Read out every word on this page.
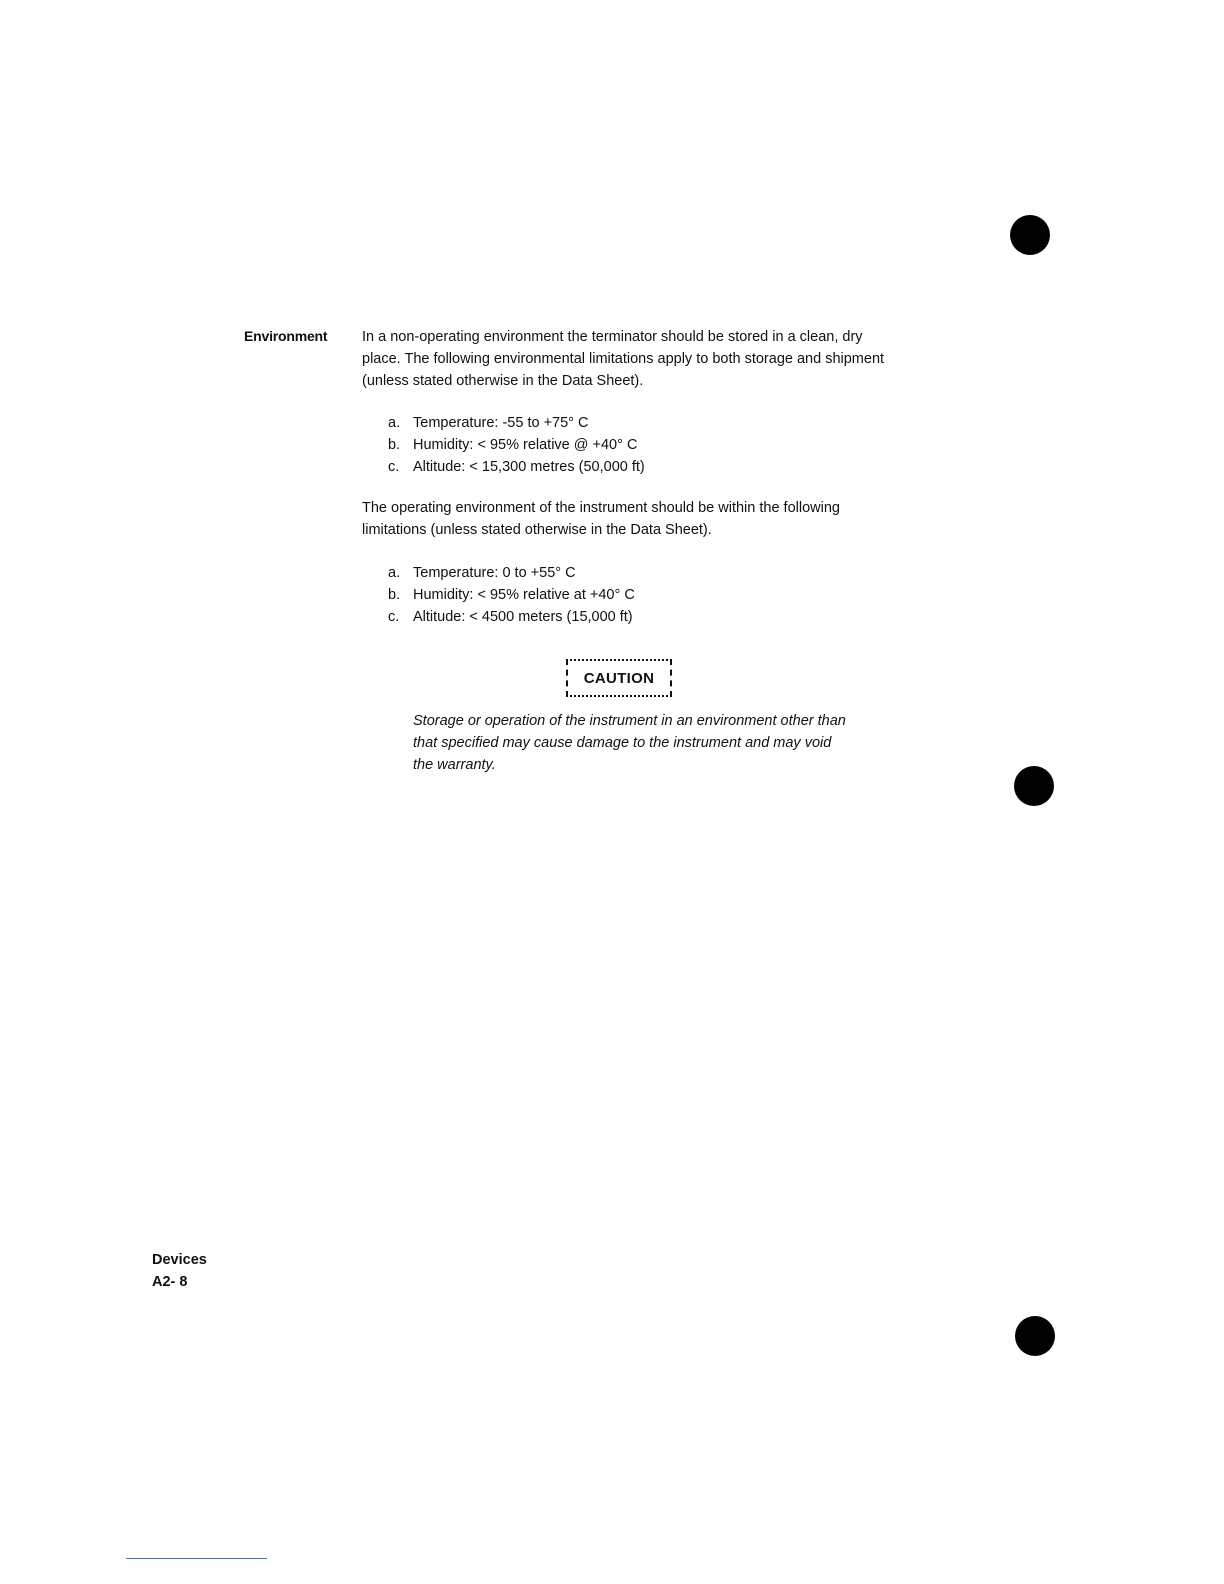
Environment In a non-operating environment the terminator should be stored in a clean, dry place. The following environmental limitations apply to both storage and shipment (unless stated otherwise in the Data Sheet).
a. Temperature: -55 to +75° C
b. Humidity: < 95% relative @ +40° C
c. Altitude: < 15,300 metres (50,000 ft)
The operating environment of the instrument should be within the following limitations (unless stated otherwise in the Data Sheet).
a. Temperature: 0 to +55° C
b. Humidity: < 95% relative at +40° C
c. Altitude: < 4500 meters (15,000 ft)
CAUTION
Storage or operation of the instrument in an environment other than that specified may cause damage to the instrument and may void the warranty.
Devices
A2- 8
